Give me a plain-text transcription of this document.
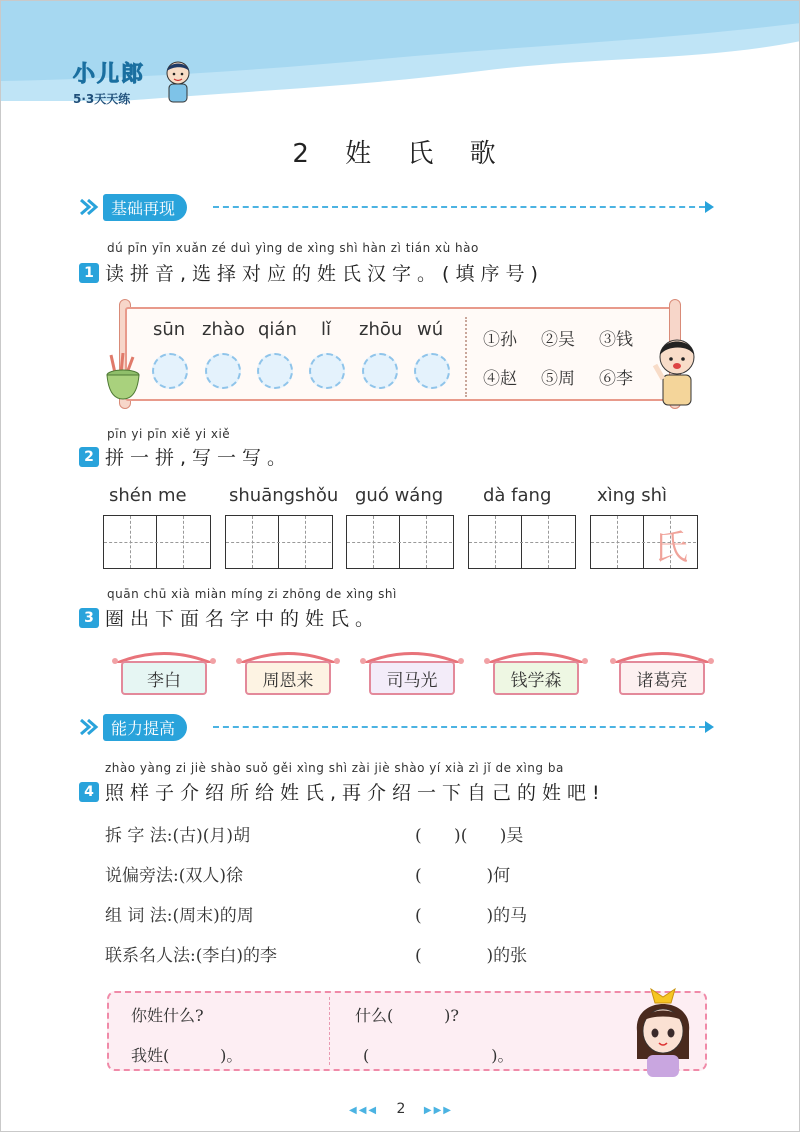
小儿郎
5·3天天练
2 姓 氏 歌
基础再现
dú pīn yīn xuǎn zé duì yìng de xìng shì hàn zì tián xù hào
1 读拼音,选择对应的姓氏汉字。(填序号)
sūn zhào qián lǐ zhōu wú ①孙 ②吴 ③钱
④赵 ⑤周 ⑥李
pīn yi pīn xiě yi xiě
2 拼一拼,写一写。
shén me shuāngshǒu guó wáng dà fang	xìng shì
氏
quān chū xià miàn míng zi zhōng de xìng shì
3 圈出下面名字中的姓氏。
李白	周恩来	司马光	钱学森	诸葛亮
能力提高
zhào yàng zi jiè shào suǒ gěi xìng shì zài jiè shào yí xià zì jǐ de xìng ba
4 照样子介绍所给姓氏,再介绍一下自己的姓吧!
拆 字 法:(古)(月)胡	(      )(      )吴
说偏旁法:(双人)徐	(            )何
组 词 法:(周末)的周	(            )的马
联系名人法:(李白)的李	(            )的张
你姓什么?
我姓(          )。
什么(          )?
(                        )。
◀◀◀ 2 ▶▶▶
